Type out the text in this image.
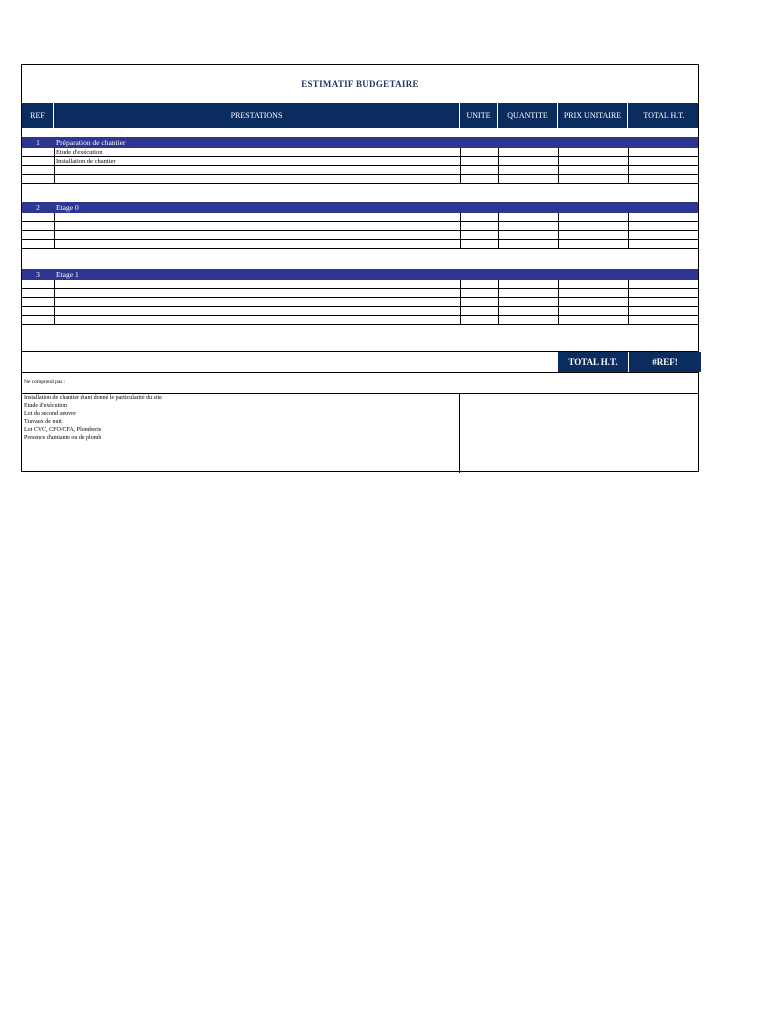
ESTIMATIF BUDGETAIRE
REF	PRESTATIONS	UNITE	QUANTITE	PRIX UNITAIRE	TOTAL H.T.
1	Préparation de chantier
Etude d'exécution
Installation de chantier
2	Etage 0
3	Etage 1
TOTAL H.T.	#REF!
Ne comprend pas :
Installation de chantier étant donné le particularité du site
Etude d'exécution
Lot du second oeuvre
Travaux de nuit
Lot CVC, CFO/CFA, Plomberie
Presence d'amiante ou de plomb
